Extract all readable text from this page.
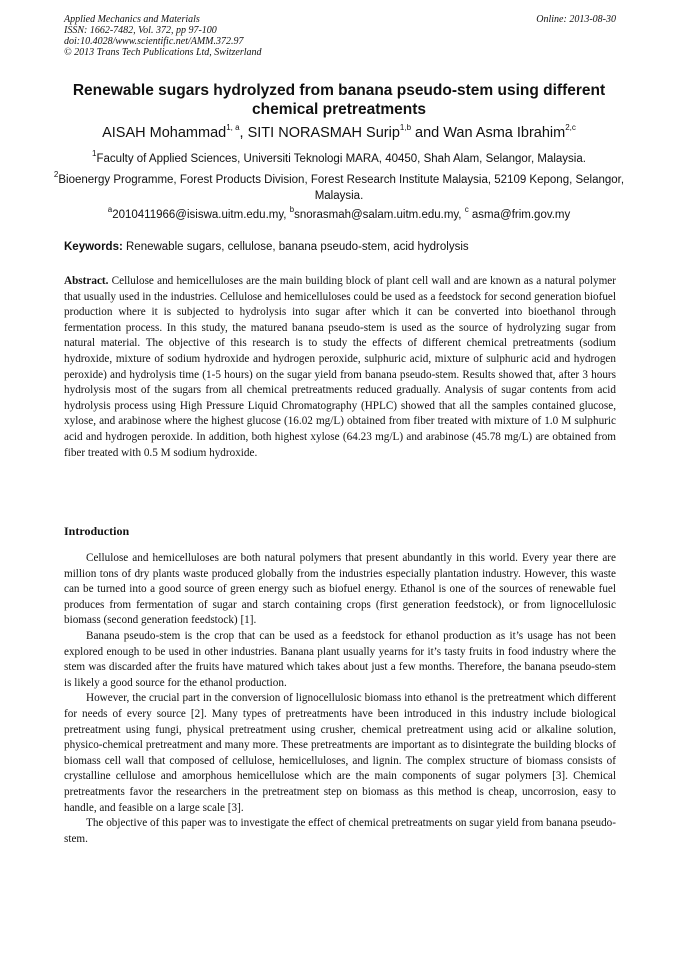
Applied Mechanics and Materials
ISSN: 1662-7482, Vol. 372, pp 97-100
doi:10.4028/www.scientific.net/AMM.372.97
© 2013 Trans Tech Publications Ltd, Switzerland
Online: 2013-08-30
Renewable sugars hydrolyzed from banana pseudo-stem using different chemical pretreatments
AISAH Mohammad$^{1, a}$, SITI NORASMAH Surip$^{1,b}$ and Wan Asma Ibrahim$^{2,c}$
$^1$Faculty of Applied Sciences, Universiti Teknologi MARA, 40450, Shah Alam, Selangor, Malaysia.
$^2$Bioenergy Programme, Forest Products Division, Forest Research Institute Malaysia, 52109 Kepong, Selangor, Malaysia.
$^a$2010411966@isiswa.uitm.edu.my, $^b$snorasmah@salam.uitm.edu.my, $^c$ asma@frim.gov.my
Keywords: Renewable sugars, cellulose, banana pseudo-stem, acid hydrolysis

Abstract. Cellulose and hemicelluloses are the main building block of plant cell wall and are known as a natural polymer that usually used in the industries. Cellulose and hemicelluloses could be used as a feedstock for second generation biofuel production where it is subjected to hydrolysis into sugar after which it can be converted into bioethanol through fermentation process. In this study, the matured banana pseudo-stem is used as the source of hydrolyzing sugar from natural material. The objective of this research is to study the effects of different chemical pretreatments (sodium hydroxide, mixture of sodium hydroxide and hydrogen peroxide, sulphuric acid, mixture of sulphuric acid and hydrogen peroxide) and hydrolysis time (1-5 hours) on the sugar yield from banana pseudo-stem. Results showed that, after 3 hours hydrolysis most of the sugars from all chemical pretreatments reduced gradually. Analysis of sugar contents from acid hydrolysis process using High Pressure Liquid Chromatography (HPLC) showed that all the samples contained glucose, xylose, and arabinose where the highest glucose (16.02 mg/L) obtained from fiber treated with mixture of 1.0 M sulphuric acid and hydrogen peroxide. In addition, both highest xylose (64.23 mg/L) and arabinose (45.78 mg/L) are obtained from fiber treated with 0.5 M sodium hydroxide.

Introduction

Cellulose and hemicelluloses are both natural polymers that present abundantly in this world. Every year there are million tons of dry plants waste produced globally from the industries especially plantation industry. However, this waste can be turned into a good source of green energy such as biofuel energy. Ethanol is one of the sources of renewable fuel produces from fermentation of sugar and starch containing crops (first generation feedstock), or from lignocellulosic biomass (second generation feedstock) [1].

Banana pseudo-stem is the crop that can be used as a feedstock for ethanol production as it’s usage has not been explored enough to be used in other industries. Banana plant usually yearns for it’s tasty fruits in food industry where the stem was discarded after the fruits have matured which takes about just a few months. Therefore, the banana pseudo-stem is likely a good source for the ethanol production.

However, the crucial part in the conversion of lignocellulosic biomass into ethanol is the pretreatment which different for needs of every source [2]. Many types of pretreatments have been introduced in this industry include biological pretreatment using fungi, physical pretreatment using crusher, chemical pretreatment using acid or alkaline solution, physico-chemical pretreatment and many more. These pretreatments are important as to disintegrate the building blocks of biomass cell wall that composed of cellulose, hemicelluloses, and lignin. The complex structure of biomass consists of crystalline cellulose and amorphous hemicellulose which are the main components of sugar polymers [3]. Chemical pretreatments favor the researchers in the pretreatment step on biomass as this method is cheap, uncorrosion, easy to handle, and feasible on a large scale [3].

The objective of this paper was to investigate the effect of chemical pretreatments on sugar yield from banana pseudo-stem.
